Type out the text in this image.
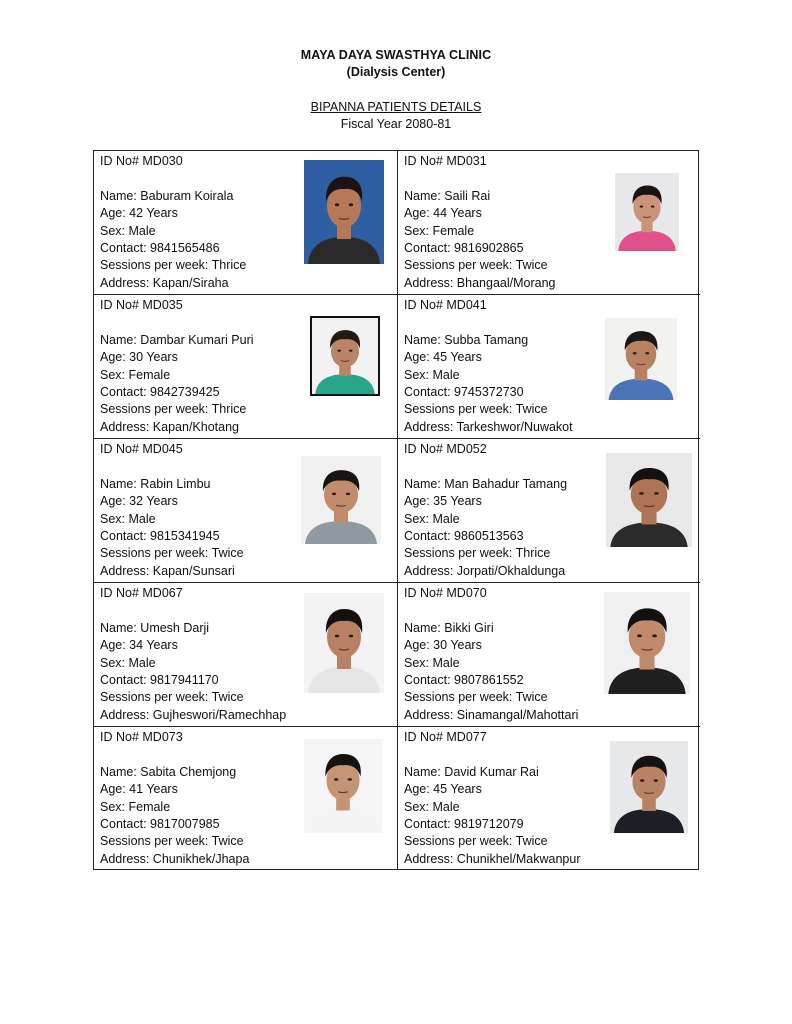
MAYA DAYA SWASTHYA CLINIC
(Dialysis Center)
BIPANNA PATIENTS DETAILS
Fiscal Year 2080-81
ID No# MD030
Name: Baburam Koirala
Age: 42 Years
Sex: Male
Contact: 9841565486
Sessions per week: Thrice
Address: Kapan/Siraha
ID No# MD031
Name: Saili Rai
Age: 44 Years
Sex: Female
Contact: 9816902865
Sessions per week: Twice
Address: Bhangaal/Morang
ID No# MD035
Name: Dambar Kumari Puri
Age: 30 Years
Sex: Female
Contact: 9842739425
Sessions per week: Thrice
Address: Kapan/Khotang
ID No# MD041
Name: Subba Tamang
Age: 45 Years
Sex: Male
Contact: 9745372730
Sessions per week: Twice
Address: Tarkeshwor/Nuwakot
ID No# MD045
Name: Rabin Limbu
Age: 32 Years
Sex: Male
Contact: 9815341945
Sessions per week: Twice
Address: Kapan/Sunsari
ID No# MD052
Name: Man Bahadur Tamang
Age: 35 Years
Sex: Male
Contact: 9860513563
Sessions per week: Thrice
Address: Jorpati/Okhaldunga
ID No# MD067
Name: Umesh Darji
Age: 34 Years
Sex: Male
Contact: 9817941170
Sessions per week: Twice
Address: Gujheswori/Ramechhap
ID No# MD070
Name: Bikki Giri
Age: 30 Years
Sex: Male
Contact: 9807861552
Sessions per week: Twice
Address: Sinamangal/Mahottari
ID No# MD073
Name: Sabita Chemjong
Age: 41 Years
Sex: Female
Contact: 9817007985
Sessions per week: Twice
Address: Chunikhek/Jhapa
ID No# MD077
Name: David Kumar Rai
Age: 45 Years
Sex: Male
Contact: 9819712079
Sessions per week: Twice
Address: Chunikhel/Makwanpur
